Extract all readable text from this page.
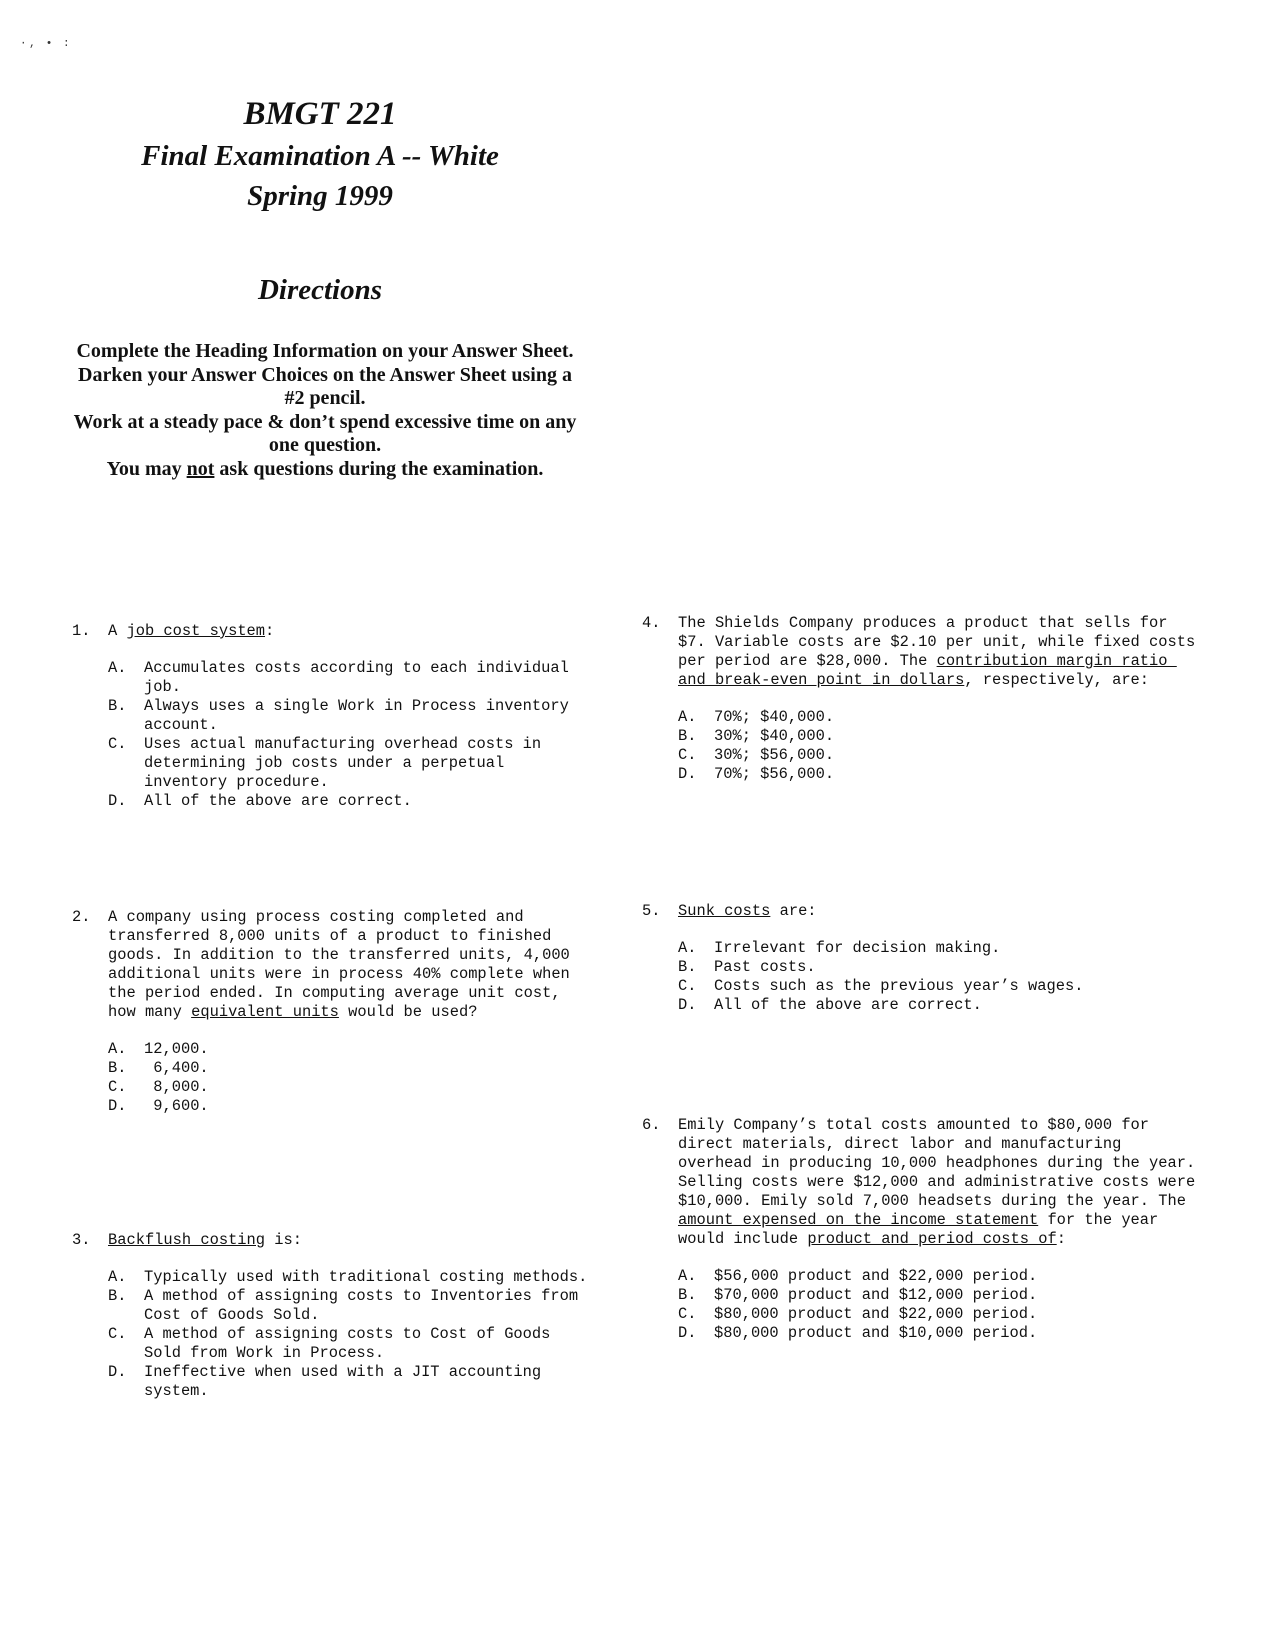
·‚ • :
BMGT 221
Final Examination A -- White
Spring 1999
Directions
Complete the Heading Information on your Answer Sheet.
Darken your Answer Choices on the Answer Sheet using a
#2 pencil.
Work at a steady pace & don’t spend excessive time on any
one question.
You may not ask questions during the examination.
1. A job cost system:
A. Accumulates costs according to each individual job.
B. Always uses a single Work in Process inventory account.
C. Uses actual manufacturing overhead costs in determining job costs under a perpetual inventory procedure.
D. All of the above are correct.
2. A company using process costing completed and transferred 8,000 units of a product to finished goods. In addition to the transferred units, 4,000 additional units were in process 40% complete when the period ended. In computing average unit cost, how many equivalent units would be used?
A. 12,000.
B. 6,400.
C. 8,000.
D. 9,600.
3. Backflush costing is:
A. Typically used with traditional costing methods.
B. A method of assigning costs to Inventories from Cost of Goods Sold.
C. A method of assigning costs to Cost of Goods Sold from Work in Process.
D. Ineffective when used with a JIT accounting system.
4. The Shields Company produces a product that sells for $7. Variable costs are $2.10 per unit, while fixed costs per period are $28,000. The contribution margin ratio and break-even point in dollars, respectively, are:
A. 70%; $40,000.
B. 30%; $40,000.
C. 30%; $56,000.
D. 70%; $56,000.
5. Sunk costs are:
A. Irrelevant for decision making.
B. Past costs.
C. Costs such as the previous year’s wages.
D. All of the above are correct.
6. Emily Company’s total costs amounted to $80,000 for direct materials, direct labor and manufacturing overhead in producing 10,000 headphones during the year. Selling costs were $12,000 and administrative costs were $10,000. Emily sold 7,000 headsets during the year. The amount expensed on the income statement for the year would include product and period costs of:
A. $56,000 product and $22,000 period.
B. $70,000 product and $12,000 period.
C. $80,000 product and $22,000 period.
D. $80,000 product and $10,000 period.
